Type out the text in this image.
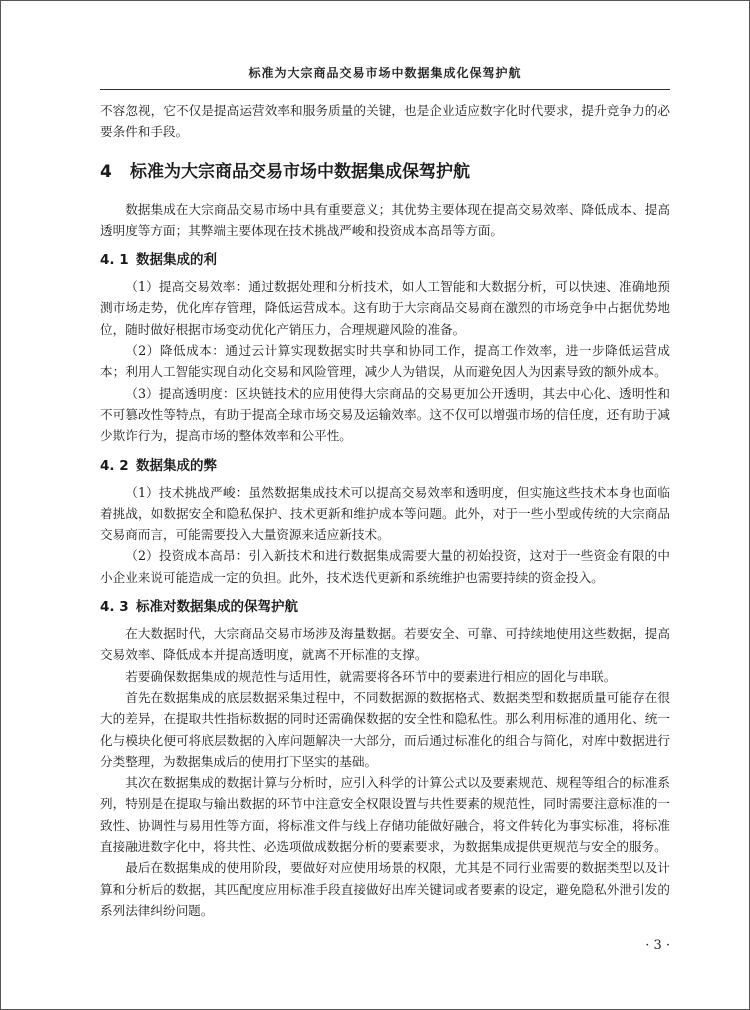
标准为大宗商品交易市场中数据集成化保驾护航

不容忽视，它不仅是提高运营效率和服务质量的关键，也是企业适应数字化时代要求，提升竞争力的必要条件和手段。

4 标准为大宗商品交易市场中数据集成保驾护航

数据集成在大宗商品交易市场中具有重要意义；其优势主要体现在提高交易效率、降低成本、提高透明度等方面；其弊端主要体现在技术挑战严峻和投资成本高昂等方面。

4. 1 数据集成的利

（1）提高交易效率：通过数据处理和分析技术，如人工智能和大数据分析，可以快速、准确地预测市场走势，优化库存管理，降低运营成本。这有助于大宗商品交易商在激烈的市场竞争中占据优势地位，随时做好根据市场变动优化产销压力，合理规避风险的准备。

（2）降低成本：通过云计算实现数据实时共享和协同工作，提高工作效率，进一步降低运营成本；利用人工智能实现自动化交易和风险管理，减少人为错误，从而避免因人为因素导致的额外成本。

（3）提高透明度：区块链技术的应用使得大宗商品的交易更加公开透明，其去中心化、透明性和不可篡改性等特点，有助于提高全球市场交易及运输效率。这不仅可以增强市场的信任度，还有助于减少欺诈行为，提高市场的整体效率和公平性。

4. 2 数据集成的弊

（1）技术挑战严峻：虽然数据集成技术可以提高交易效率和透明度，但实施这些技术本身也面临着挑战，如数据安全和隐私保护、技术更新和维护成本等问题。此外，对于一些小型或传统的大宗商品交易商而言，可能需要投入大量资源来适应新技术。

（2）投资成本高昂：引入新技术和进行数据集成需要大量的初始投资，这对于一些资金有限的中小企业来说可能造成一定的负担。此外，技术迭代更新和系统维护也需要持续的资金投入。

4. 3 标准对数据集成的保驾护航

在大数据时代，大宗商品交易市场涉及海量数据。若要安全、可靠、可持续地使用这些数据，提高交易效率、降低成本并提高透明度，就离不开标准的支撑。

若要确保数据集成的规范性与适用性，就需要将各环节中的要素进行相应的固化与串联。

首先在数据集成的底层数据采集过程中，不同数据源的数据格式、数据类型和数据质量可能存在很大的差异，在提取共性指标数据的同时还需确保数据的安全性和隐私性。那么利用标准的通用化、统一化与模块化便可将底层数据的入库问题解决一大部分，而后通过标准化的组合与简化，对库中数据进行分类整理，为数据集成后的使用打下坚实的基础。

其次在数据集成的数据计算与分析时，应引入科学的计算公式以及要素规范、规程等组合的标准系列，特别是在提取与输出数据的环节中注意安全权限设置与共性要素的规范性，同时需要注意标准的一致性、协调性与易用性等方面，将标准文件与线上存储功能做好融合，将文件转化为事实标准，将标准直接融进数字化中，将共性、必选项做成数据分析的要素要求，为数据集成提供更规范与安全的服务。

最后在数据集成的使用阶段，要做好对应使用场景的权限，尤其是不同行业需要的数据类型以及计算和分析后的数据，其匹配度应用标准手段直接做好出库关键词或者要素的设定，避免隐私外泄引发的系列法律纠纷问题。

· 3 ·
